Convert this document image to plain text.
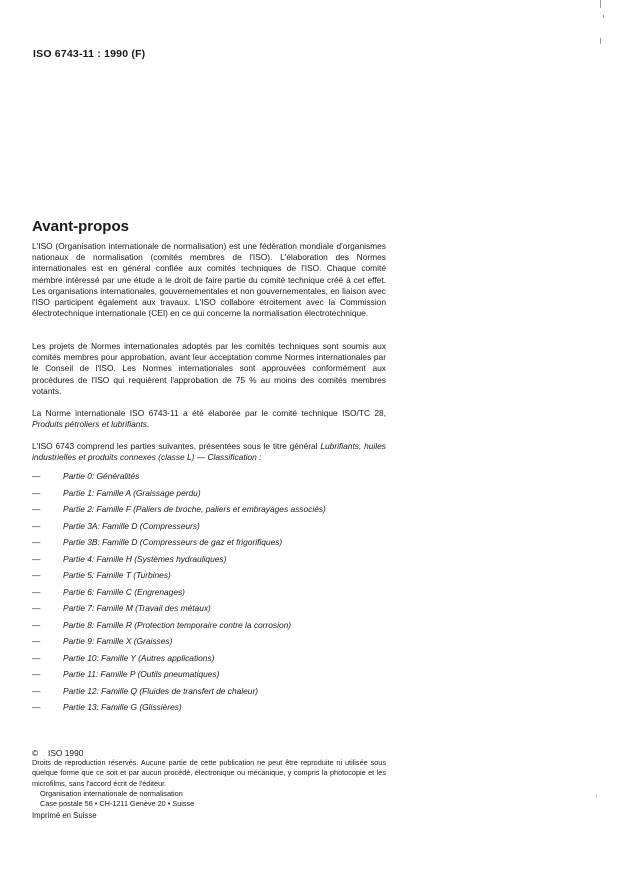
ISO 6743-11 : 1990 (F)
Avant-propos

L'ISO (Organisation internationale de normalisation) est une fédération mondiale d'organismes nationaux de normalisation (comités membres de l'ISO). L'élaboration des Normes internationales est en général confiée aux comités techniques de l'ISO. Chaque comité membre intéressé par une étude a le droit de faire partie du comité technique créé à cet effet. Les organisations internationales, gouvernementales et non gouvernementales, en liaison avec l'ISO participent également aux travaux. L'ISO collabore étroitement avec la Commission électrotechnique internationale (CEI) en ce qui concerne la normalisation électrotechnique.

Les projets de Normes internationales adoptés par les comités techniques sont soumis aux comités membres pour approbation, avant leur acceptation comme Normes internationales par le Conseil de l'ISO. Les Normes internationales sont approuvées conformément aux procédures de l'ISO qui requièrent l'approbation de 75 % au moins des comités membres votants.

La Norme internationale ISO 6743-11 a été élaborée par le comité technique ISO/TC 28, Produits pétroliers et lubrifiants.

L'ISO 6743 comprend les parties suivantes, présentées sous le titre général Lubrifiants, huiles industrielles et produits connexes (classe L) — Classification :

—	Partie 0: Généralités
—	Partie 1: Famille A (Graissage perdu)
—	Partie 2: Famille F (Paliers de broche, paliers et embrayages associés)
—	Partie 3A: Famille D (Compresseurs)
—	Partie 3B: Famille D (Compresseurs de gaz et frigorifiques)
—	Partie 4: Famille H (Systèmes hydrauliques)
—	Partie 5: Famille T (Turbines)
—	Partie 6: Famille C (Engrenages)
—	Partie 7: Famille M (Travail des métaux)
—	Partie 8: Famille R (Protection temporaire contre la corrosion)
—	Partie 9: Famille X (Graisses)
—	Partie 10: Famille Y (Autres applications)
—	Partie 11: Famille P (Outils pneumatiques)
—	Partie 12: Famille Q (Fluides de transfert de chaleur)
—	Partie 13: Famille G (Glissières)
© ISO 1990

Droits de reproduction réservés. Aucune partie de cette publication ne peut être reproduite ni utilisée sous quelque forme que ce soit et par aucun procédé, électronique ou mécanique, y compris la photocopie et les microfilms, sans l'accord écrit de l'éditeur.

Organisation internationale de normalisation
Case postale 56 • CH-1211 Genève 20 • Suisse
Imprimé en Suisse
